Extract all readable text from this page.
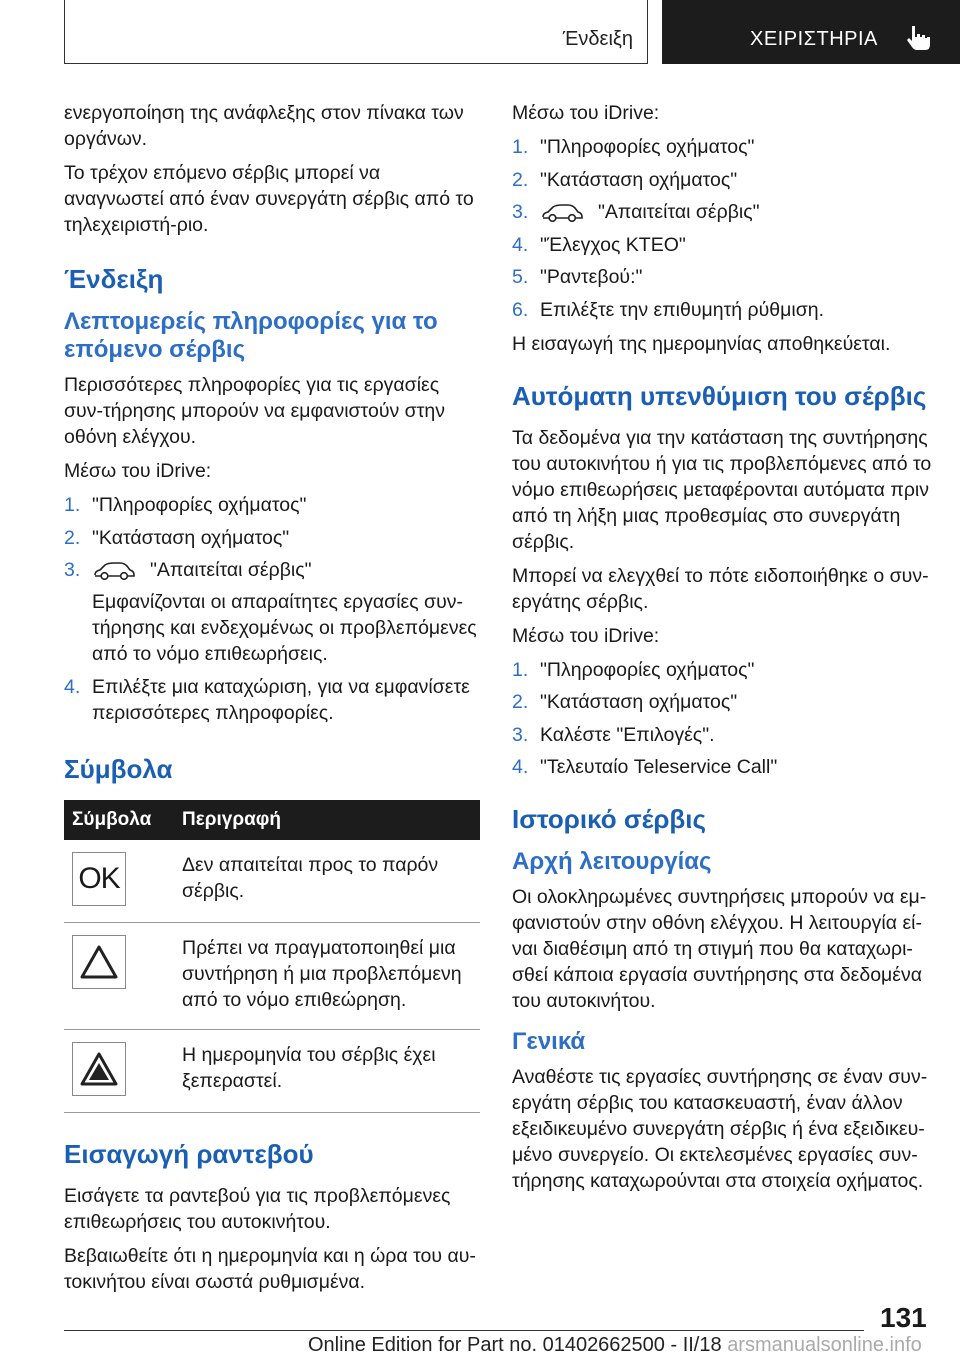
Ένδειξη	ΧΕΙΡΙΣΤΗΡΙΑ

ενεργοποίηση της ανάφλεξης στον πίνακα των οργάνων.

Το τρέχον επόμενο σέρβις μπορεί να αναγνωστεί από έναν συνεργάτη σέρβις από το τηλεχειριστή-ριο.

Ένδειξη
Λεπτομερείς πληροφορίες για το επόμενο σέρβις

Περισσότερες πληροφορίες για τις εργασίες συν-τήρησης μπορούν να εμφανιστούν στην οθόνη ελέγχου.

Μέσω του iDrive:

1. "Πληροφορίες οχήματος"
2. "Κατάσταση οχήματος"
3.	"Απαιτείται σέρβις"
Εμφανίζονται οι απαραίτητες εργασίες συν-τήρησης και ενδεχομένως οι προβλεπόμενες από το νόμο επιθεωρήσεις.
4. Επιλέξτε μια καταχώριση, για να εμφανίσετε περισσότερες πληροφορίες.
Σύμβολα
Σύμβολα	Περιγραφή

OK	Δεν απαιτείται προς το παρόν σέρβις.

	Πρέπει να πραγματοποιηθεί μια συντήρηση ή μια προβλεπόμενη από το νόμο επιθεώρηση.

	Η ημερομηνία του σέρβις έχει ξεπεραστεί.
Εισαγωγή ραντεβού

Εισάγετε τα ραντεβού για τις προβλεπόμενες επιθεωρήσεις του αυτοκινήτου.

Βεβαιωθείτε ότι η ημερομηνία και η ώρα του αυ-τοκινήτου είναι σωστά ρυθμισμένα.

Μέσω του iDrive:

1. "Πληροφορίες οχήματος"
2. "Κατάσταση οχήματος"
3.	"Απαιτείται σέρβις"
4. "Έλεγχος ΚΤΕΟ"
5. "Ραντεβού:"
6. Επιλέξτε την επιθυμητή ρύθμιση.

Η εισαγωγή της ημερομηνίας αποθηκεύεται.

Αυτόματη υπενθύμιση του σέρβις

Τα δεδομένα για την κατάσταση της συντήρησης του αυτοκινήτου ή για τις προβλεπόμενες από το νόμο επιθεωρήσεις μεταφέρονται αυτόματα πριν από τη λήξη μιας προθεσμίας στο συνεργάτη σέρβις.

Μπορεί να ελεγχθεί το πότε ειδοποιήθηκε ο συν-εργάτης σέρβις.

Μέσω του iDrive:

1. "Πληροφορίες οχήματος"
2. "Κατάσταση οχήματος"
3. Καλέστε "Επιλογές".
4. "Τελευταίο Teleservice Call"
Ιστορικό σέρβις
Αρχή λειτουργίας

Οι ολοκληρωμένες συντηρήσεις μπορούν να εμ-φανιστούν στην οθόνη ελέγχου. Η λειτουργία εί-ναι διαθέσιμη από τη στιγμή που θα καταχωρι-σθεί κάποια εργασία συντήρησης στα δεδομένα του αυτοκινήτου.

Γενικά

Αναθέστε τις εργασίες συντήρησης σε έναν συν-εργάτη σέρβις του κατασκευαστή, έναν άλλον εξειδικευμένο συνεργάτη σέρβις ή ένα εξειδικευ-μένο συνεργείο. Οι εκτελεσμένες εργασίες συν-τήρησης καταχωρούνται στα στοιχεία οχήματος.

131
Online Edition for Part no. 01402662500 - II/18 arsmanualsonline.info
